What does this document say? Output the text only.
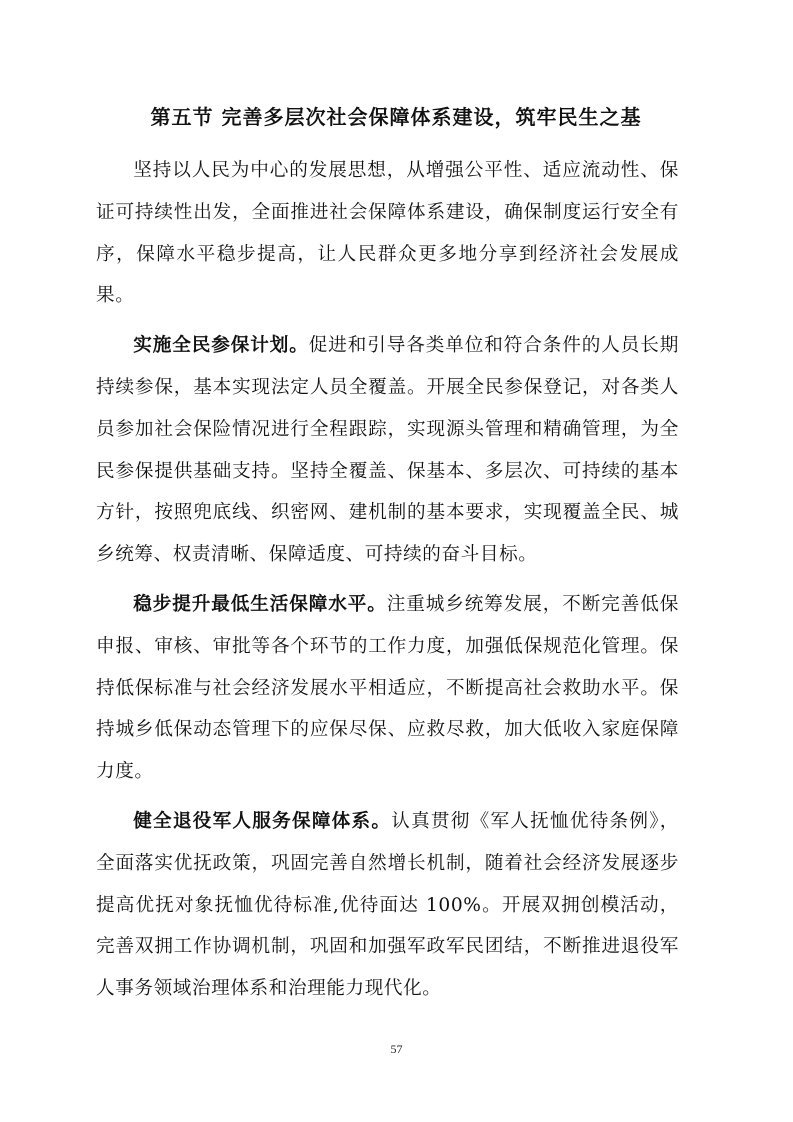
第五节 完善多层次社会保障体系建设，筑牢民生之基

坚持以人民为中心的发展思想，从增强公平性、适应流动性、保证可持续性出发，全面推进社会保障体系建设，确保制度运行安全有序，保障水平稳步提高，让人民群众更多地分享到经济社会发展成果。

实施全民参保计划。促进和引导各类单位和符合条件的人员长期持续参保，基本实现法定人员全覆盖。开展全民参保登记，对各类人员参加社会保险情况进行全程跟踪，实现源头管理和精确管理，为全民参保提供基础支持。坚持全覆盖、保基本、多层次、可持续的基本方针，按照兜底线、织密网、建机制的基本要求，实现覆盖全民、城乡统筹、权责清晰、保障适度、可持续的奋斗目标。

稳步提升最低生活保障水平。注重城乡统筹发展，不断完善低保申报、审核、审批等各个环节的工作力度，加强低保规范化管理。保持低保标准与社会经济发展水平相适应，不断提高社会救助水平。保持城乡低保动态管理下的应保尽保、应救尽救，加大低收入家庭保障力度。

健全退役军人服务保障体系。认真贯彻《军人抚恤优待条例》，全面落实优抚政策，巩固完善自然增长机制，随着社会经济发展逐步提高优抚对象抚恤优待标准,优待面达 100%。开展双拥创模活动，完善双拥工作协调机制，巩固和加强军政军民团结，不断推进退役军人事务领域治理体系和治理能力现代化。

57
